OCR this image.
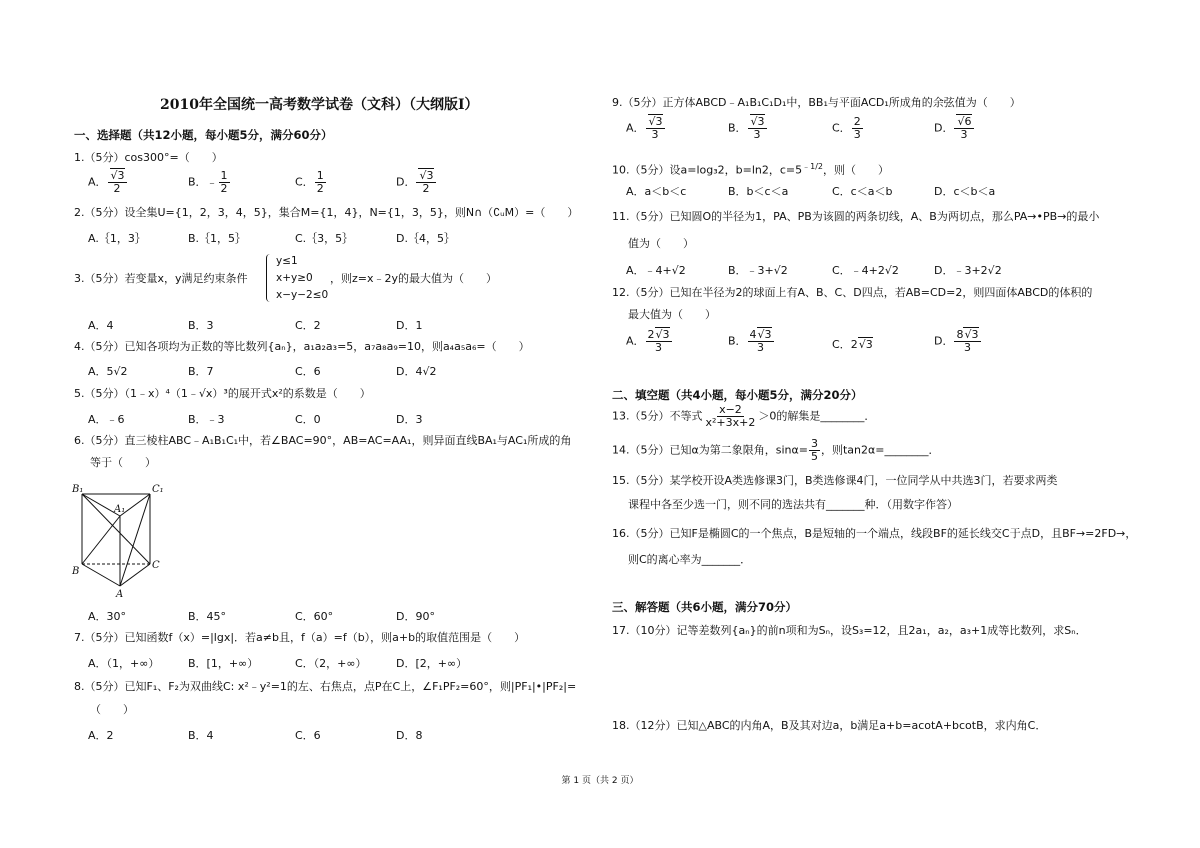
2010年全国统一高考数学试卷（文科）（大纲版Ⅰ）
一、选择题（共12小题，每小题5分，满分60分）
1.（5分）cos300°=（　　）
A． $\frac{√3}{2}$	B．﹣ $\frac{1}{2}$	C． $\frac{1}{2}$	D． $\frac{√3}{2}$
2.（5分）设全集U={1，2，3，4，5}，集合M={1，4}，N={1，3，5}，则N∩（∁ᵤM）=（　　）
A.｛1，3｝	B.｛1，5｝	C.｛3，5｝	D.｛4，5｝
3.（5分）若变量x，y满足约束条件
y≤1
x+y≥0
x−y−2≤0
，则z=x﹣2y的最大值为（　　）
A．4	B．3	C．2	D．1
4.（5分）已知各项均为正数的等比数列{aₙ}，a₁a₂a₃=5，a₇a₈a₉=10，则a₄a₅a₆=（　　）
A．5√2	B．7	C．6	D．4√2
5.（5分）（1﹣x）⁴（1﹣√x）³的展开式x²的系数是（　　）
A．﹣6	B．﹣3	C．0	D．3
6.（5分）直三棱柱ABC﹣A₁B₁C₁中，若∠BAC=90°，AB=AC=AA₁，则异面直线BA₁与AC₁所成的角
等于（　　）
B₁	C₁
A₁
B
C
A
A．30°	B．45°	C．60°	D．90°
7.（5分）已知函数f（x）=|lgx|．若a≠b且，f（a）=f（b），则a+b的取值范围是（　　）
A．（1，+∞）	B．[1，+∞）	C．（2，+∞）	D．[2，+∞）
8.（5分）已知F₁、F₂为双曲线C: x²﹣y²=1的左、右焦点，点P在C上，∠F₁PF₂=60°，则|PF₁|•|PF₂|=
（　　）
A．2	B．4	C．6	D．8
9.（5分）正方体ABCD﹣A₁B₁C₁D₁中，BB₁与平面ACD₁所成角的余弦值为（　　）
A． $\frac{√3}{3}$	B． $\frac{√3}{3}$	C． $\frac{2}{3}$	D． $\frac{√6}{3}$
10.（5分）设a=log₃2，b=ln2，$c=5^{﹣1/2}$，则（　　）
A．a＜b＜c	B．b＜c＜a	C．c＜a＜b	D．c＜b＜a
11.（5分）已知圆O的半径为1，PA、PB为该圆的两条切线，A、B为两切点，那么PA→•PB→的最小
值为（　　）
A．﹣4+√2	B．﹣3+√2	C．﹣4+2√2	D．﹣3+2√2
12.（5分）已知在半径为2的球面上有A、B、C、D四点，若AB=CD=2，则四面体ABCD的体积的
最大值为（　　）
A． $\frac{2√3}{3}$	B． $\frac{4√3}{3}$	C．2√3	D． $\frac{8√3}{3}$
二、填空题（共4小题，每小题5分，满分20分）
13.（5分）不等式 $\frac{x-2}{\text{x²+3x+2}} >0$的解集是________．
14.（5分）已知α为第二象限角，$\sin\alpha= \frac{3}{5}$ ，则tan2α=________．
15.（5分）某学校开设A类选修课3门，B类选修课4门，一位同学从中共选3门，若要求两类
课程中各至少选一门，则不同的选法共有_______种．（用数字作答）
16.（5分）已知F是椭圆C的一个焦点，B是短轴的一个端点，线段BF的延长线交C于点D，且BF→=2FD→，
则C的离心率为_______．
三、解答题（共6小题，满分70分）
17.（10分）记等差数列{aₙ}的前n项和为Sₙ，设S₃=12，且2a₁，a₂，a₃+1成等比数列，求Sₙ．
18.（12分）已知△ABC的内角A，B及其对边a，b满足a+b=acotA+bcotB，求内角C．
第 1 页（共 2 页）
